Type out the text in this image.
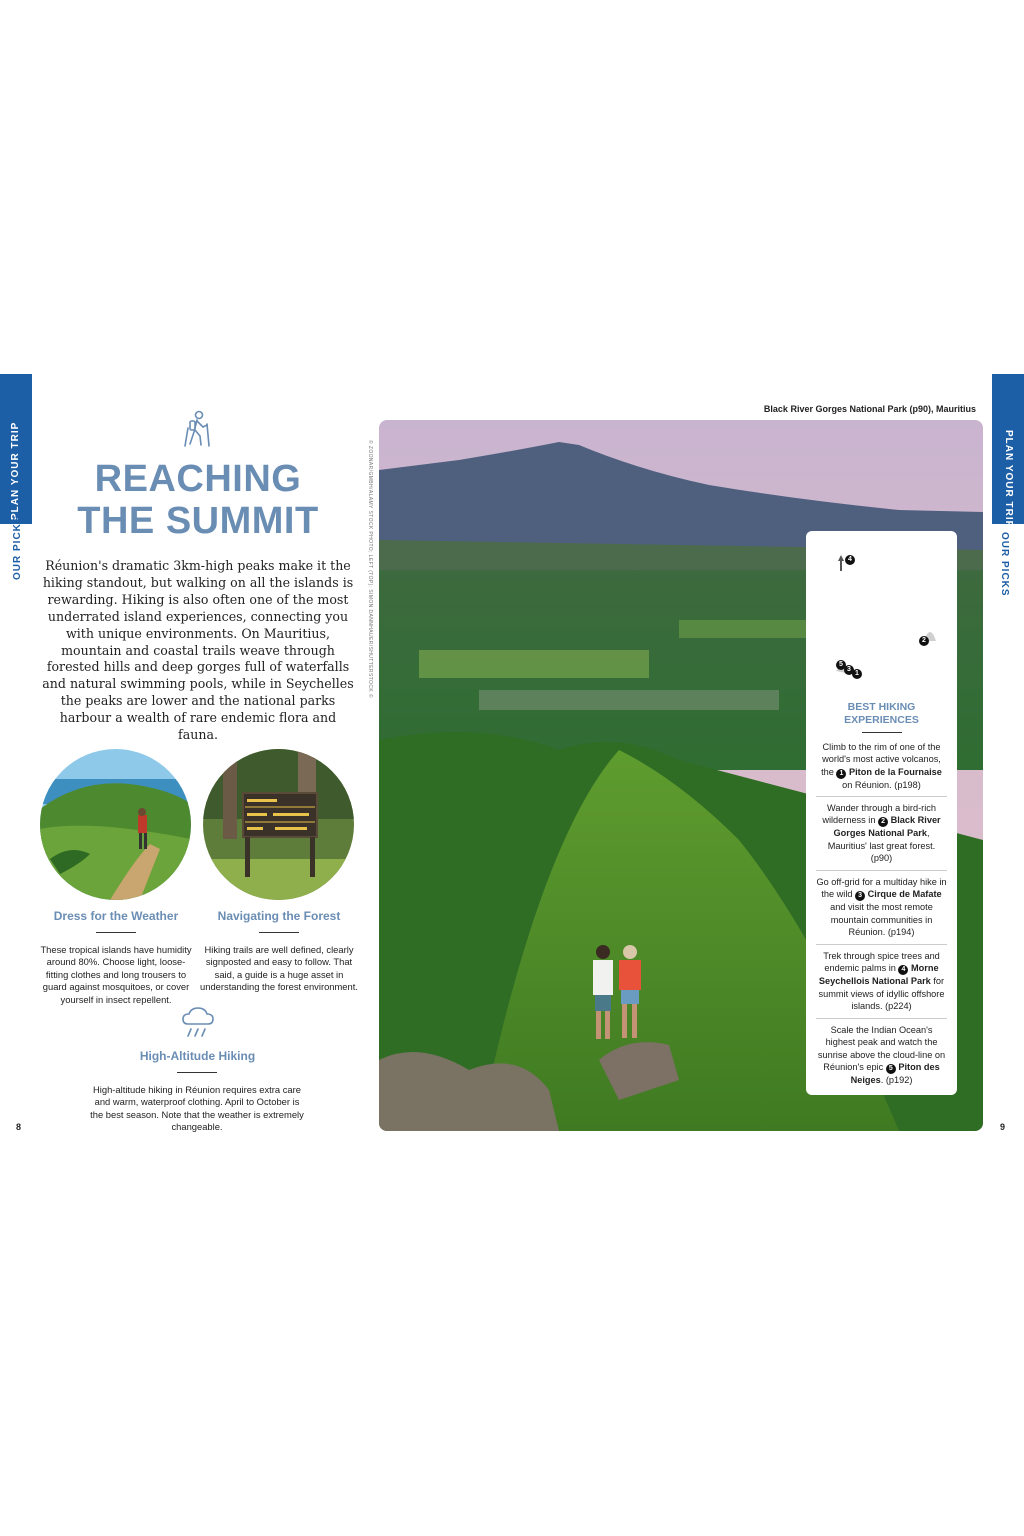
PLAN YOUR TRIP
OUR PICKS
PLAN YOUR TRIP
OUR PICKS
REACHING
THE SUMMIT
Réunion's dramatic 3km-high peaks make it the hiking standout, but walking on all the islands is rewarding. Hiking is also often one of the most underrated island experiences, connecting you with unique environments. On Mauritius, mountain and coastal trails weave through forested hills and deep gorges full of waterfalls and natural swimming pools, while in Seychelles the peaks are lower and the national parks harbour a wealth of rare endemic flora and fauna.
Dress for the Weather
These tropical islands have humidity around 80%. Choose light, loose-fitting clothes and long trousers to guard against mosquitoes, or cover yourself in insect repellent.
Navigating the Forest
Hiking trails are well defined, clearly signposted and easy to follow. That said, a guide is a huge asset in understanding the forest environment.
High-Altitude Hiking
High-altitude hiking in Réunion requires extra care and warm, waterproof clothing. April to October is the best season. Note that the weather is extremely changeable.
8	9
Black River Gorges National Park (p90), Mauritius
© ZOONAR/GMBH/ALAMY STOCK PHOTO; LEFT (TOP): SIMON DANNHAUER/SHUTTERSTOCK ©	4
2
5
3
1
BEST HIKING
EXPERIENCES
Climb to the rim of one of the world's most active volcanos, the 1 Piton de la Fournaise on Réunion. (p198)
Wander through a bird-rich wilderness in 2 Black River Gorges National Park, Mauritius' last great forest. (p90)
Go off-grid for a multiday hike in the wild 3 Cirque de Mafate and visit the most remote mountain communities in Réunion. (p194)
Trek through spice trees and endemic palms in 4 Morne Seychellois National Park for summit views of idyllic offshore islands. (p224)
Scale the Indian Ocean's highest peak and watch the sunrise above the cloud-line on Réunion's epic 5 Piton des Neiges. (p192)
